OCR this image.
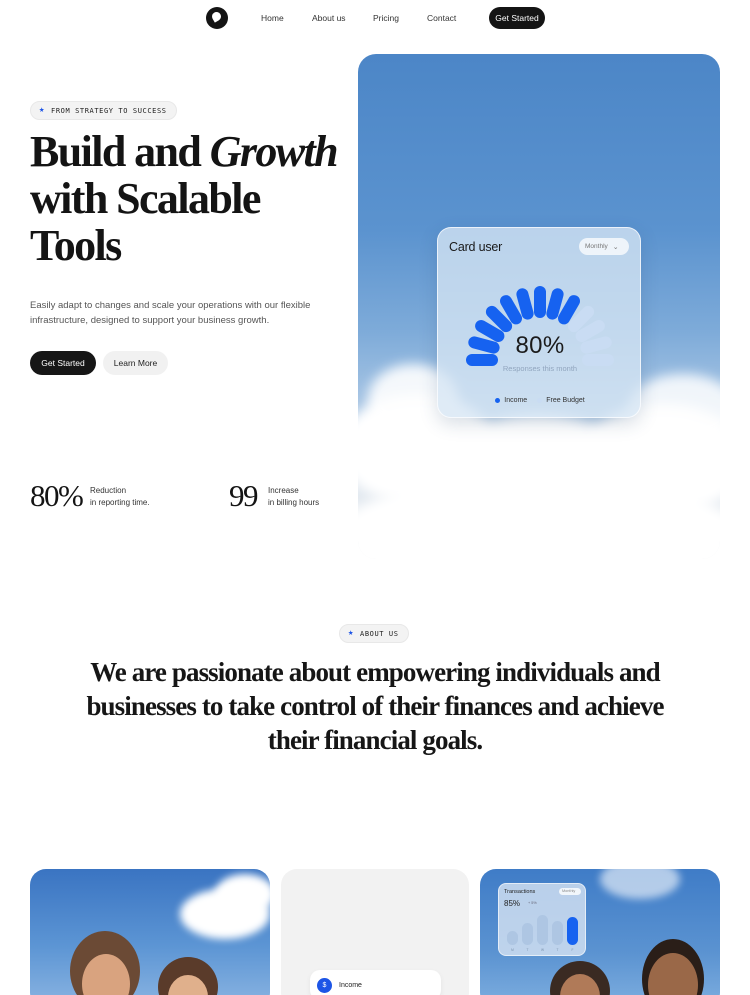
Home	About us	Pricing	Contact	Get Started
★ FROM STRATEGY TO SUCCESS
Build and Growth
with Scalable Tools

Easily adapt to changes and scale your operations with our flexible infrastructure, designed to support your business growth.

Get Started	Learn More
80% Reduction
in reporting time.	99 Increase
in billing hours
Card user	Monthly ⌄
80%
Responses this month
Income	Free Budget
★ ABOUT US
We are passionate about empowering individuals and businesses to take control of their finances and achieve their financial goals.
$	Income
Transactions	Monthly
85% + 5%
M	T	W	T	F
